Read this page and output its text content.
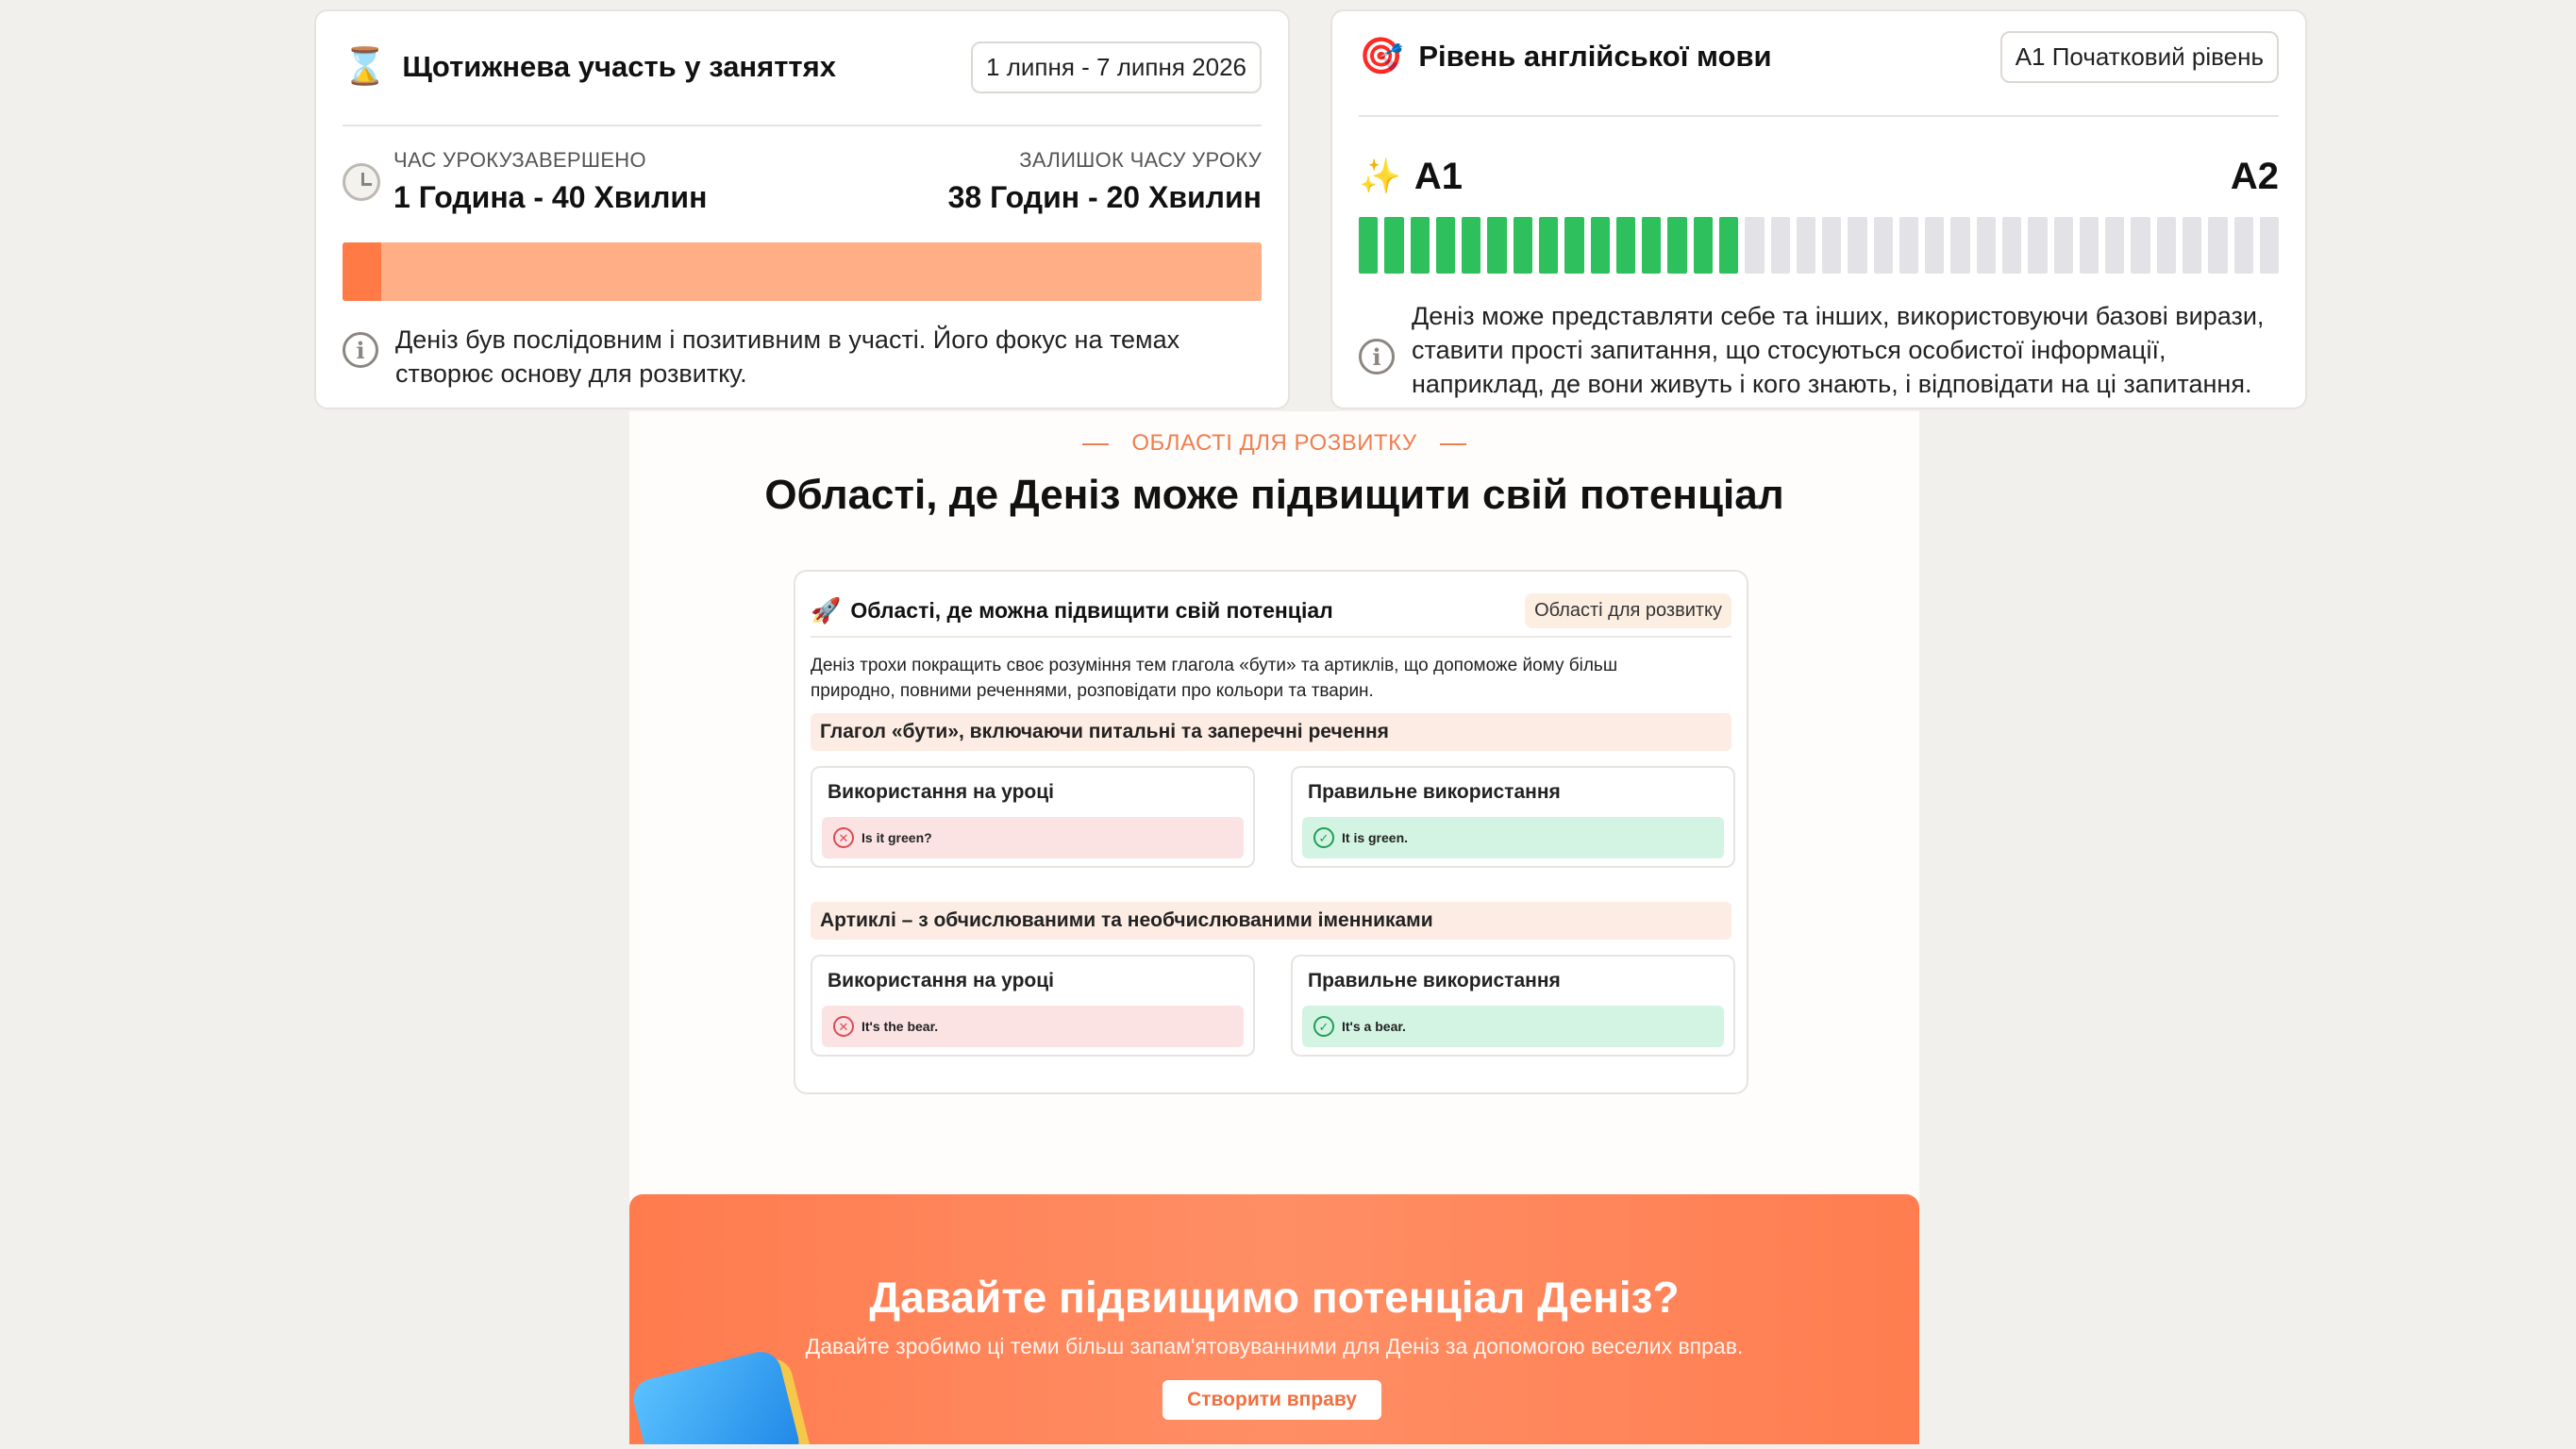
⌛ Щотижнева участь у заняттях	1 липня - 7 липня 2026
ЧАС УРОКУЗАВЕРШЕНО
1 Година - 40 Хвилин
ЗАЛИШОК ЧАСУ УРОКУ
38 Годин - 20 Хвилин
i	Деніз був послідовним і позитивним в участі. Його фокус на темах створює основу для розвитку.
🎯 Рівень англійської мови	A1 Початковий рівень
✨ A1	A2
i
Деніз може представляти себе та інших, використовуючи базові вирази, ставити прості запитання, що стосуються особистої інформації, наприклад, де вони живуть і кого знають, і відповідати на ці запитання.
ОБЛАСТІ ДЛЯ РОЗВИТКУ
Області, де Деніз може підвищити свій потенціал
🚀 Області, де можна підвищити свій потенціал	Області для розвитку
Деніз трохи покращить своє розуміння тем глагола «бути» та артиклів, що допоможе йому більш природно, повними реченнями, розповідати про кольори та тварин.
Глагол «бути», включаючи питальні та заперечні речення
Використання на уроці
✕ Is it green?
Правильне використання
✓ It is green.
Артиклі – з обчислюваними та необчислюваними іменниками
Використання на уроці
✕ It's the bear.
Правильне використання
✓ It's a bear.
Давайте підвищимо потенціал Деніз?
Давайте зробимо ці теми більш запам'ятовуванними для Деніз за допомогою веселих вправ.
Створити вправу
